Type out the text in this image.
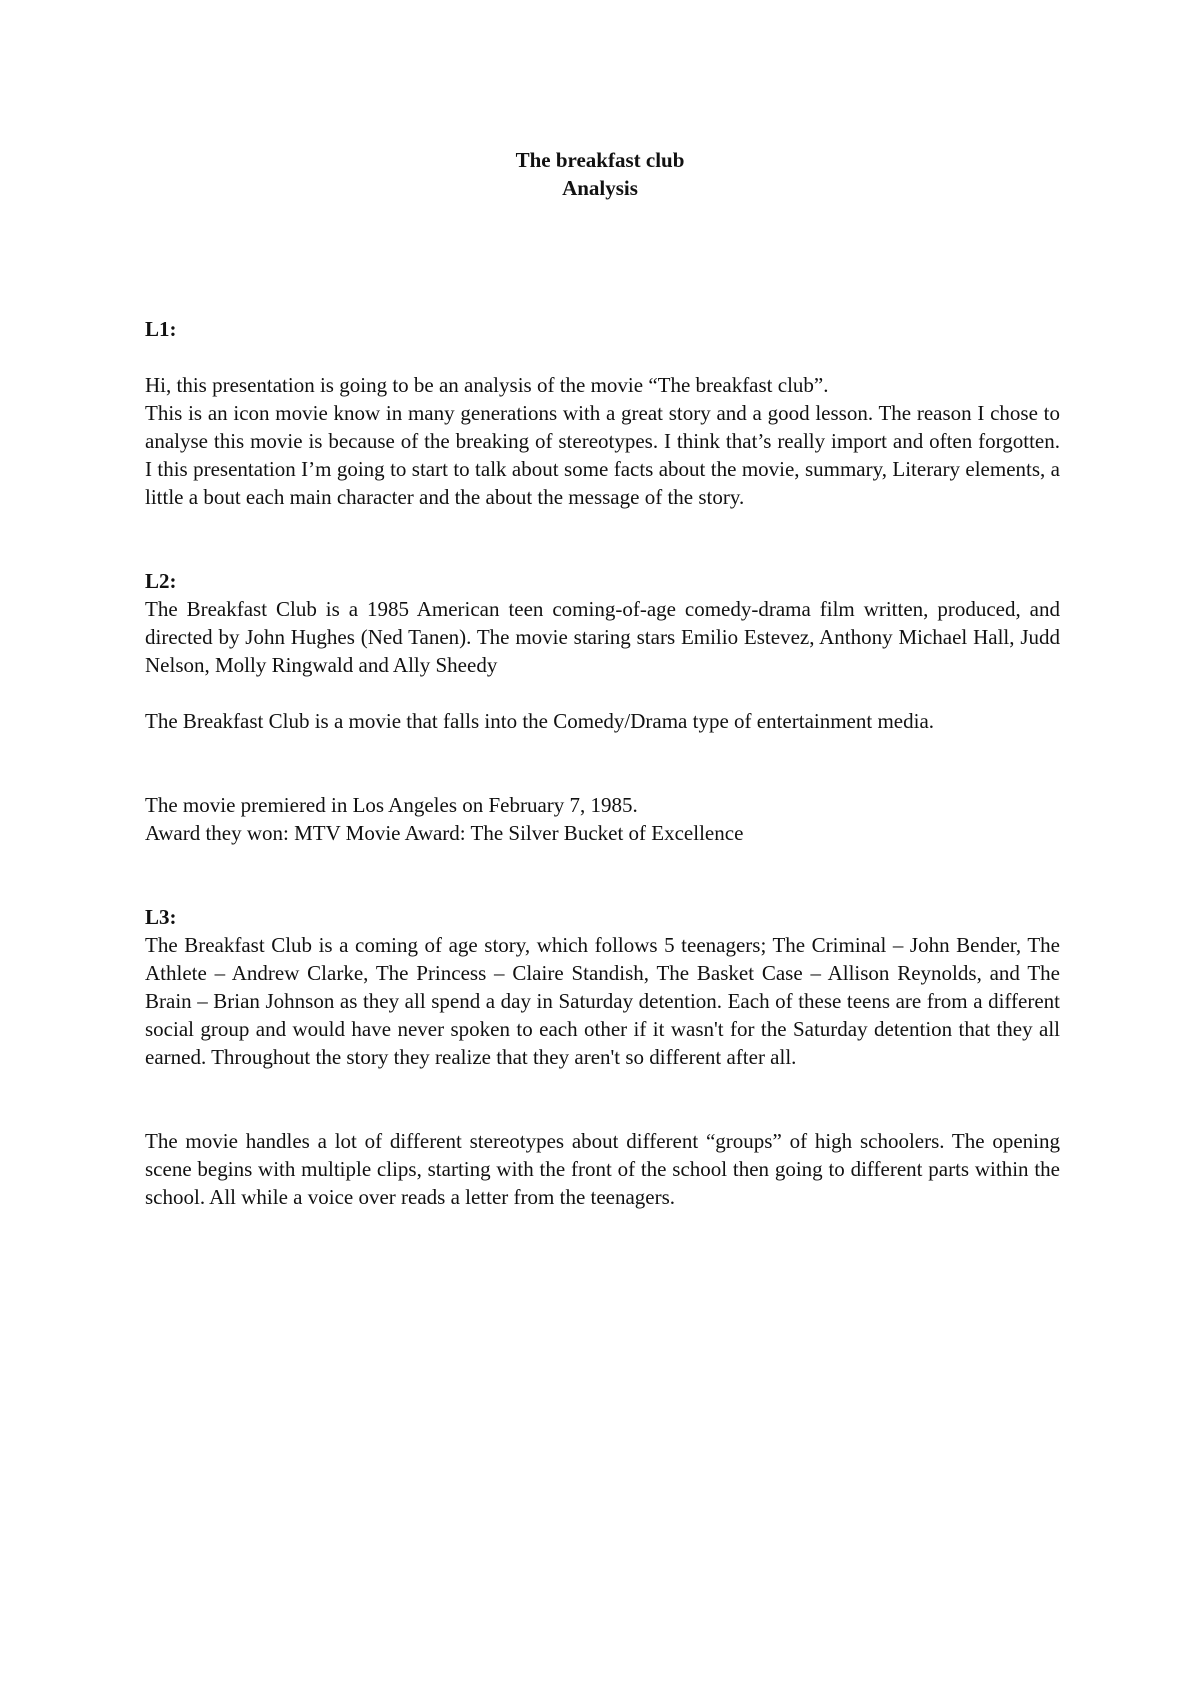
The breakfast club
Analysis

L1:

Hi, this presentation is going to be an analysis of the movie “The breakfast club”.

This is an icon movie know in many generations with a great story and a good lesson. The reason I chose to analyse this movie is because of the breaking of stereotypes. I think that’s really import and often forgotten. I this presentation I’m going to start to talk about some facts about the movie, summary, Literary elements, a little a bout each main character and the about the message of the story.

L2:

The Breakfast Club is a 1985 American teen coming-of-age comedy-drama film written, produced, and directed by John Hughes (Ned Tanen). The movie staring stars Emilio Estevez, Anthony Michael Hall, Judd Nelson, Molly Ringwald and Ally Sheedy

The Breakfast Club is a movie that falls into the Comedy/Drama type of entertainment media.

The movie premiered in Los Angeles on February 7, 1985.

Award they won: MTV Movie Award: The Silver Bucket of Excellence

L3:

The Breakfast Club is a coming of age story, which follows 5 teenagers; The Criminal – John Bender, The Athlete – Andrew Clarke, The Princess – Claire Standish, The Basket Case – Allison Reynolds, and The Brain – Brian Johnson as they all spend a day in Saturday detention. Each of these teens are from a different social group and would have never spoken to each other if it wasn't for the Saturday detention that they all earned. Throughout the story they realize that they aren't so different after all.

The movie handles a lot of different stereotypes about different “groups” of high schoolers. The opening scene begins with multiple clips, starting with the front of the school then going to different parts within the school. All while a voice over reads a letter from the teenagers.
